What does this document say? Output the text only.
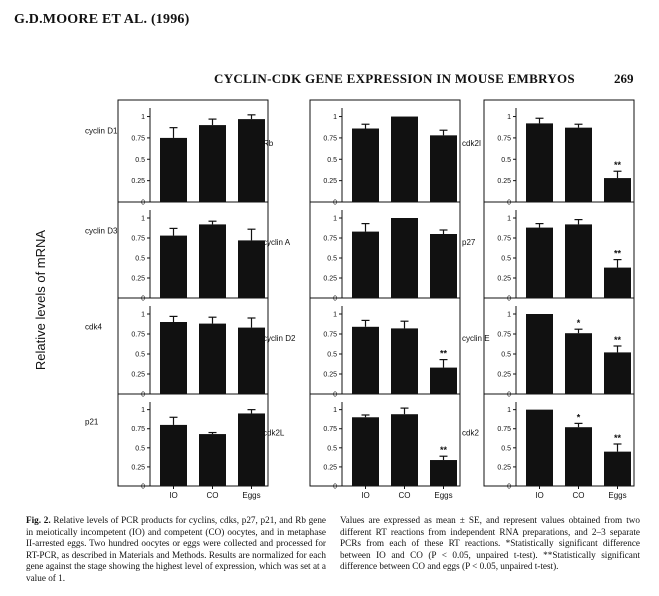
G.D.MOORE ET AL. (1996)
CYCLIN-CDK GENE EXPRESSION IN MOUSE EMBRYOS	269
Relative levels of mRNA
0
0.25
0.5
0.75
1
cyclin D1
0
0.25
0.5
0.75
1
cyclin D3
0
0.25
0.5
0.75
1
cdk4
0
0.25
0.5
0.75
1
p21
IO	CO	Eggs
0
0.25
0.5
0.75
1
Rb
0
0.25
0.5
0.75
1
cyclin A
0
0.25
0.5
0.75
1
cyclin D2
**
0
0.25
0.5
0.75
1
cdk2L
IO	CO
**
Eggs
0
0.25
0.5
0.75
1
cdk2I
**
0
0.25
0.5
0.75
1
p27
**
0
0.25
0.5
0.75
1
cyclin E
*
**
0
0.25
0.5
0.75
1
cdk2
IO
*
CO
**
Eggs
Fig. 2. Relative levels of PCR products for cyclins, cdks, p27, p21, and Rb gene in meiotically incompetent (IO) and competent (CO) oocytes, and in metaphase II-arrested eggs. Two hundred oocytes or eggs were collected and processed for RT-PCR, as described in Materials and Methods. Results are normalized for each gene against the stage showing the highest level of expression, which was set at a value of 1.
Values are expressed as mean ± SE, and represent values obtained from two different RT reactions from independent RNA preparations, and 2–3 separate PCRs from each of these RT reactions. *Statistically significant difference between IO and CO (P < 0.05, unpaired t-test). **Statistically significant difference between CO and eggs (P < 0.05, unpaired t-test).
